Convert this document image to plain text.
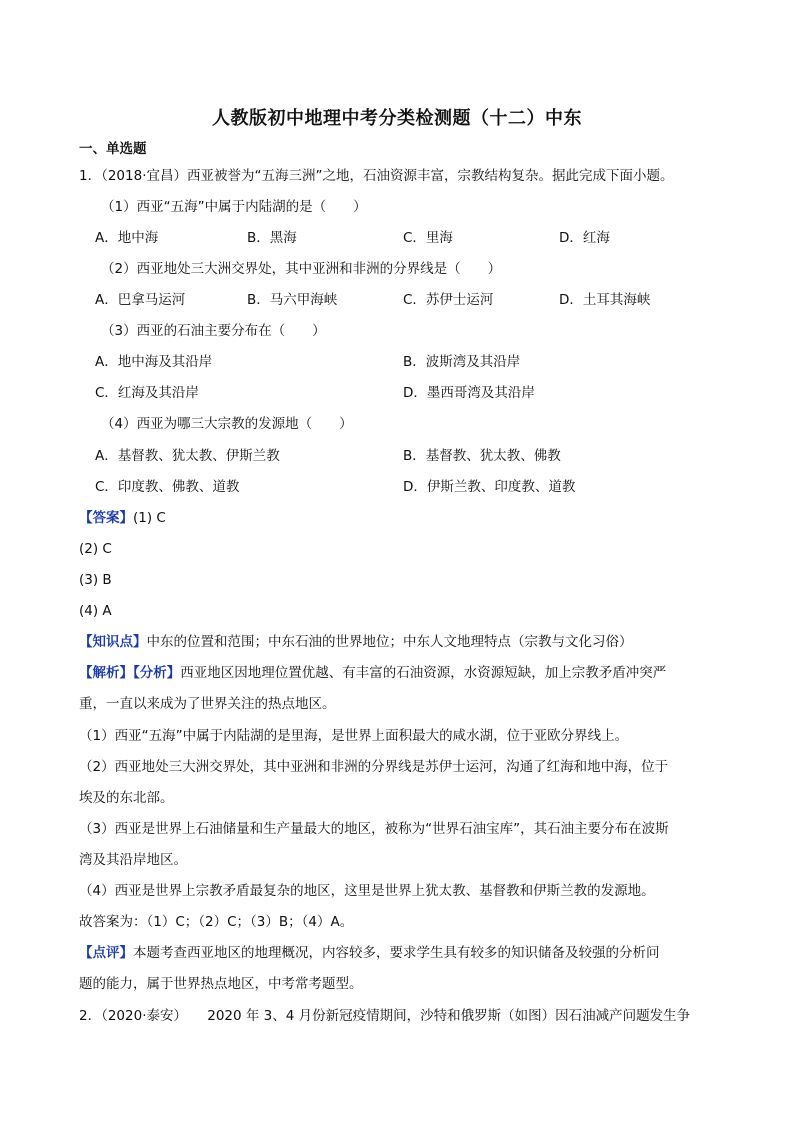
人教版初中地理中考分类检测题（十二）中东
一、单选题
1．（2018·宜昌）西亚被誉为“五海三洲”之地，石油资源丰富，宗教结构复杂。据此完成下面小题。
（1）西亚“五海”中属于内陆湖的是（　　）
A．地中海	B．黑海	C．里海	D．红海
（2）西亚地处三大洲交界处，其中亚洲和非洲的分界线是（　　）
A．巴拿马运河	B．马六甲海峡	C．苏伊士运河	D．土耳其海峡
（3）西亚的石油主要分布在（　　）
A．地中海及其沿岸	B．波斯湾及其沿岸
C．红海及其沿岸	D．墨西哥湾及其沿岸
（4）西亚为哪三大宗教的发源地（　　）
A．基督教、犹太教、伊斯兰教	B．基督教、犹太教、佛教
C．印度教、佛教、道教	D．伊斯兰教、印度教、道教
【答案】(1) C
(2) C
(3) B
(4) A
【知识点】中东的位置和范围；中东石油的世界地位；中东人文地理特点（宗教与文化习俗）
【解析】【分析】西亚地区因地理位置优越、有丰富的石油资源，水资源短缺，加上宗教矛盾冲突严
重，一直以来成为了世界关注的热点地区。
（1）西亚“五海”中属于内陆湖的是里海，是世界上面积最大的咸水湖，位于亚欧分界线上。
（2）西亚地处三大洲交界处，其中亚洲和非洲的分界线是苏伊士运河，沟通了红海和地中海，位于
埃及的东北部。
（3）西亚是世界上石油储量和生产量最大的地区，被称为“世界石油宝库”，其石油主要分布在波斯
湾及其沿岸地区。
（4）西亚是世界上宗教矛盾最复杂的地区，这里是世界上犹太教、基督教和伊斯兰教的发源地。
故答案为：（1）C；（2）C；（3）B；（4）A。
【点评】本题考查西亚地区的地理概况，内容较多，要求学生具有较多的知识储备及较强的分析问
题的能力，属于世界热点地区，中考常考题型。
2．（2020·泰安）　　2020 年 3、4 月份新冠疫情期间，沙特和俄罗斯（如图）因石油减产问题发生争
